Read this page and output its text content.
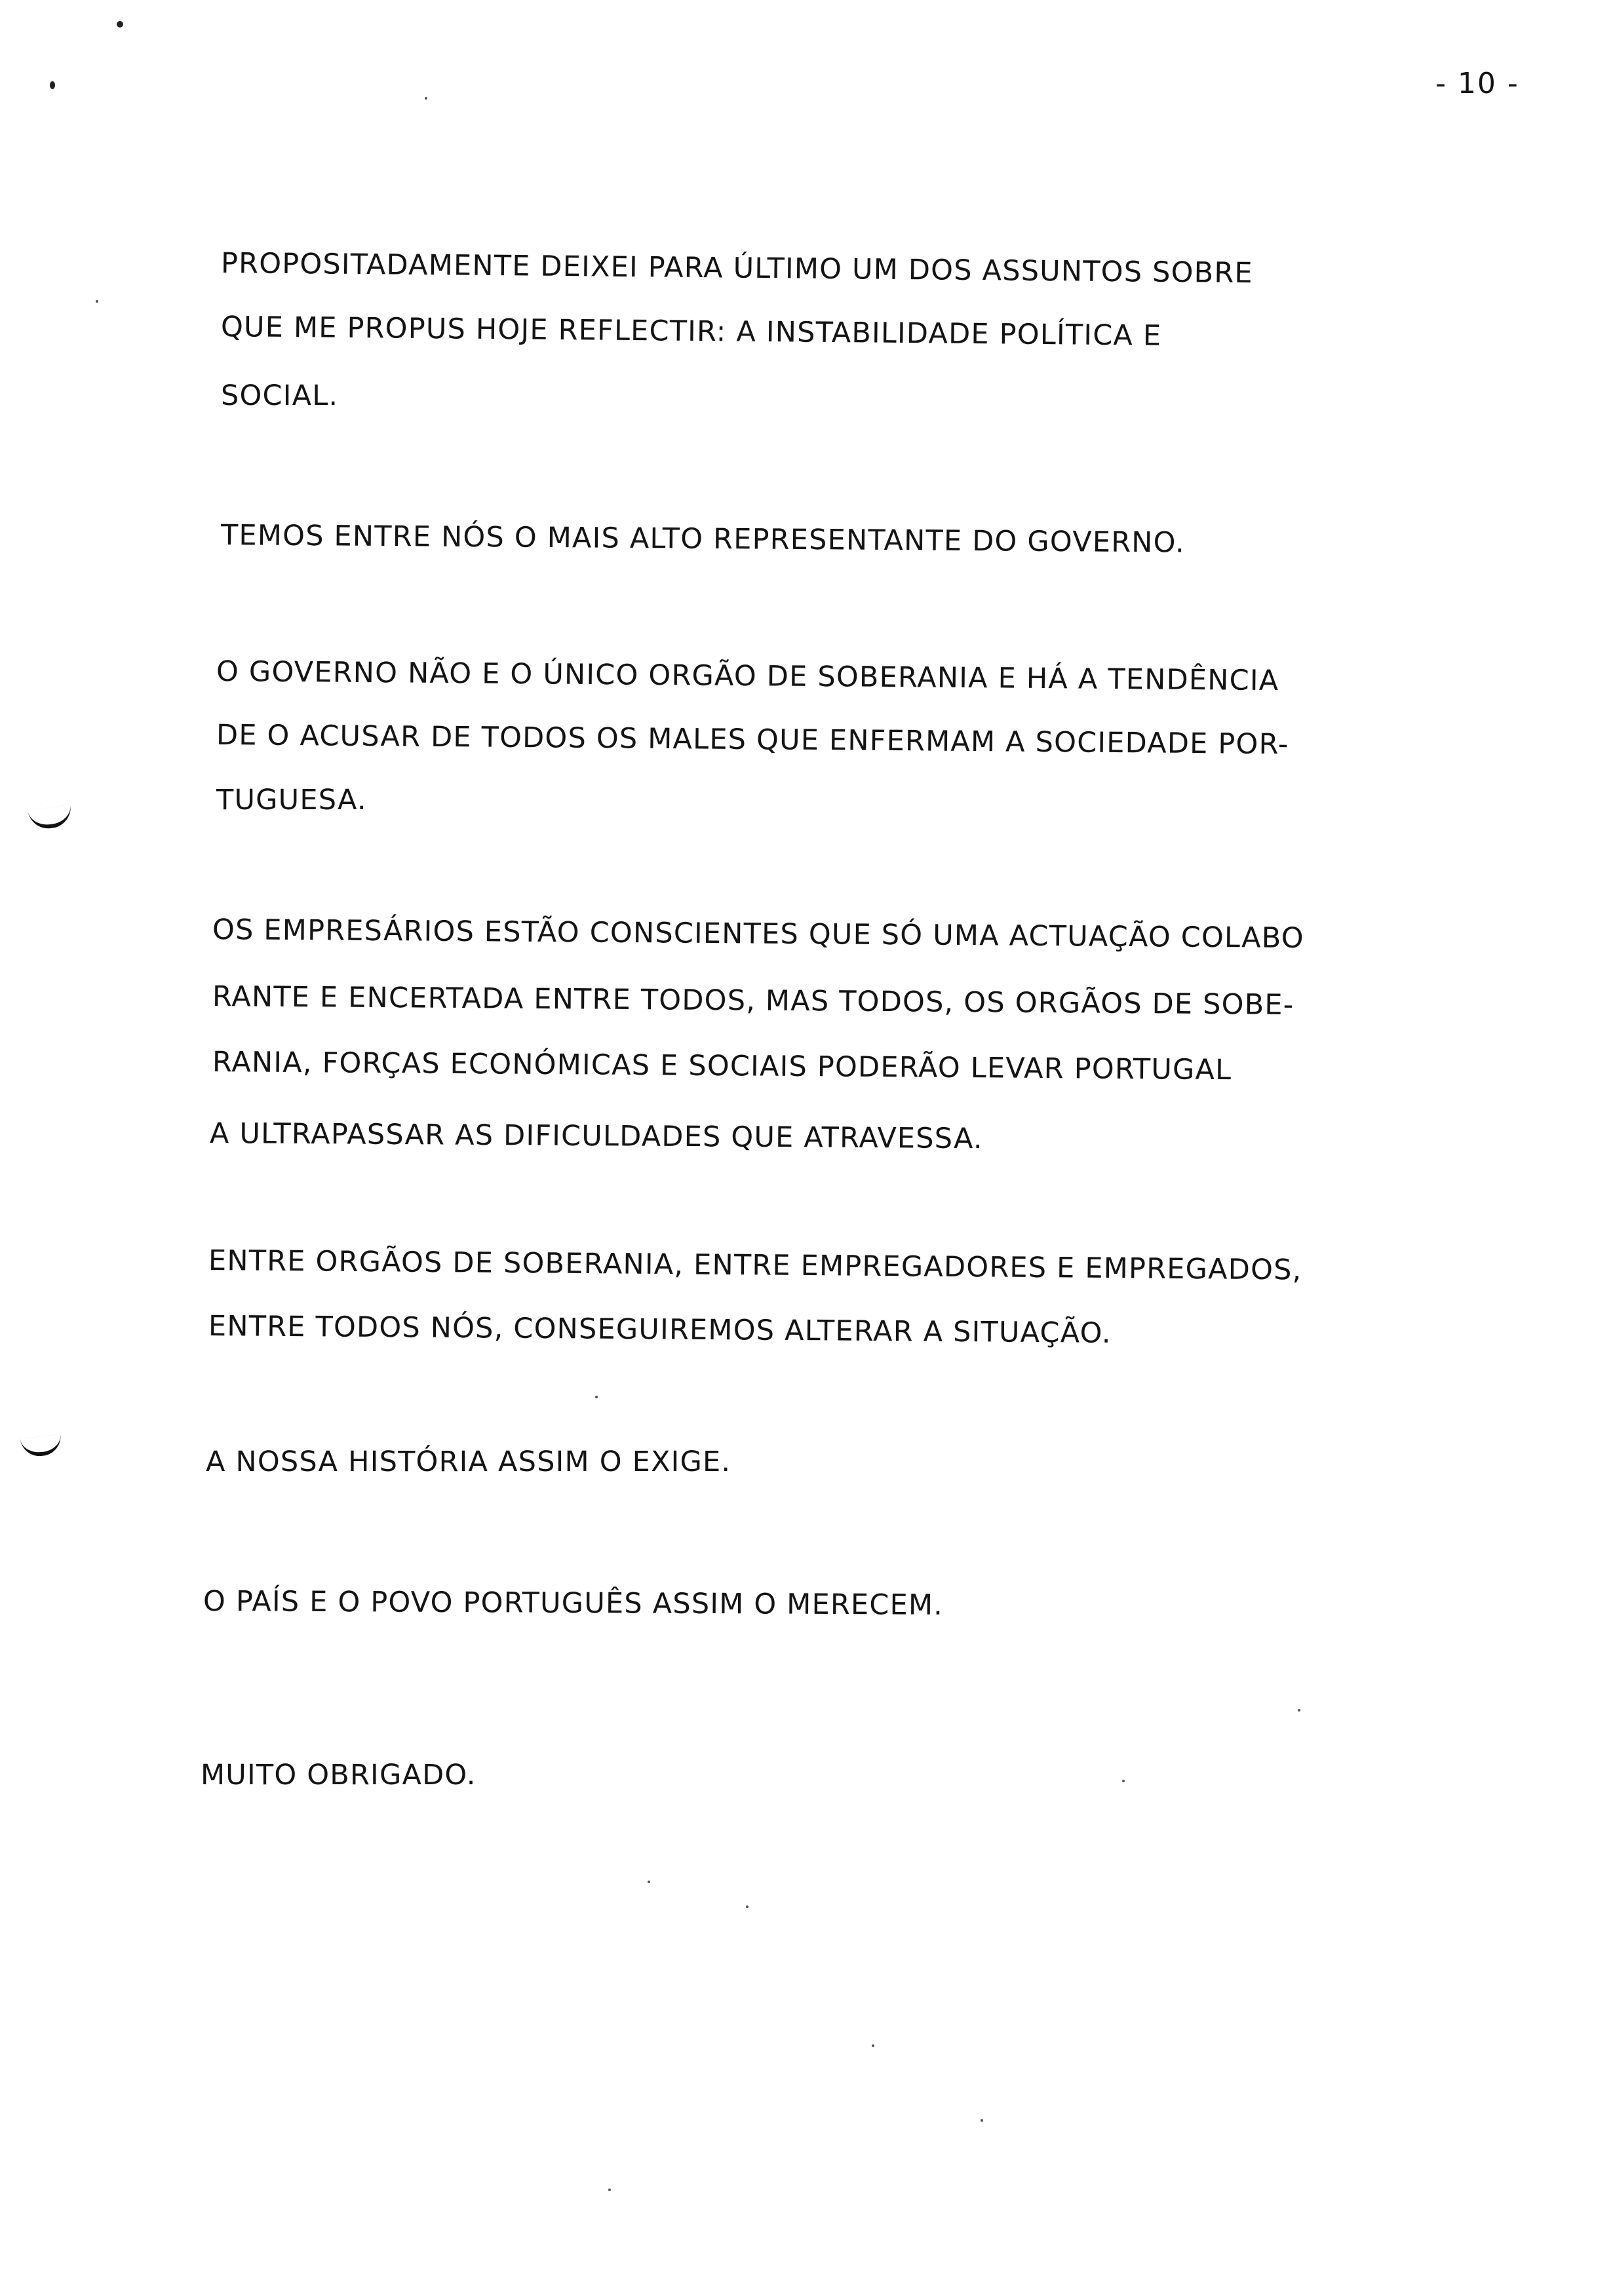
- 10 -
PROPOSITADAMENTE DEIXEI PARA ÚLTIMO UM DOS ASSUNTOS SOBRE
QUE ME PROPUS HOJE REFLECTIR: A INSTABILIDADE POLÍTICA E
SOCIAL.
TEMOS ENTRE NÓS O MAIS ALTO REPRESENTANTE DO GOVERNO.
O GOVERNO NÃO E O ÚNICO ORGÃO DE SOBERANIA E HÁ A TENDÊNCIA
DE O ACUSAR DE TODOS OS MALES QUE ENFERMAM A SOCIEDADE POR-
TUGUESA.
OS EMPRESÁRIOS ESTÃO CONSCIENTES QUE SÓ UMA ACTUAÇÃO COLABO
RANTE E ENCERTADA ENTRE TODOS, MAS TODOS, OS ORGÃOS DE SOBE-
RANIA, FORÇAS ECONÓMICAS E SOCIAIS PODERÃO LEVAR PORTUGAL
A ULTRAPASSAR AS DIFICULDADES QUE ATRAVESSA.
ENTRE ORGÃOS DE SOBERANIA, ENTRE EMPREGADORES E EMPREGADOS,
ENTRE TODOS NÓS, CONSEGUIREMOS ALTERAR A SITUAÇÃO.
A NOSSA HISTÓRIA ASSIM O EXIGE.
O PAÍS E O POVO PORTUGUÊS ASSIM O MERECEM.
MUITO OBRIGADO.
